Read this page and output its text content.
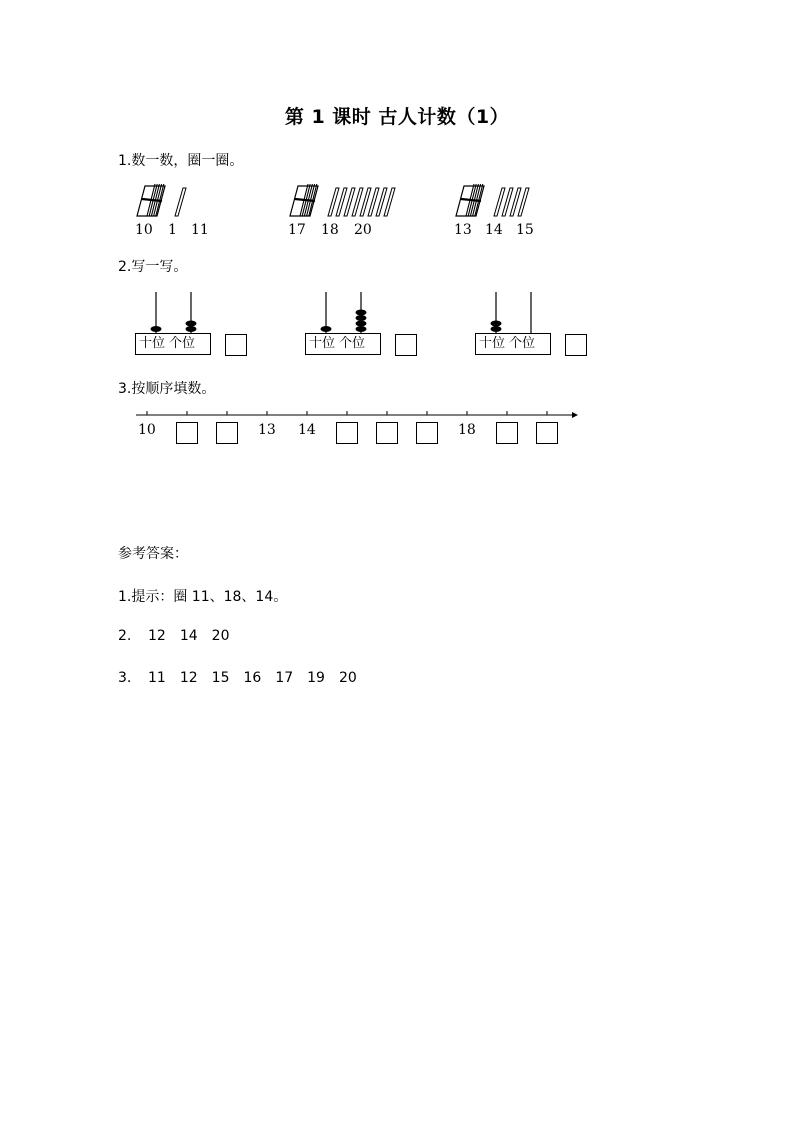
第 1 课时 古人计数（1）
1.数一数，圈一圈。
10 1 11	17 18 20	13 14 15
2.写一写。
十位 个位	十位 个位	十位 个位
3.按顺序填数。
10	13 14	18
参考答案：
1.提示：圈 11、18、14。
2. 12 14 20
3. 11 12 15 16 17 19 20
